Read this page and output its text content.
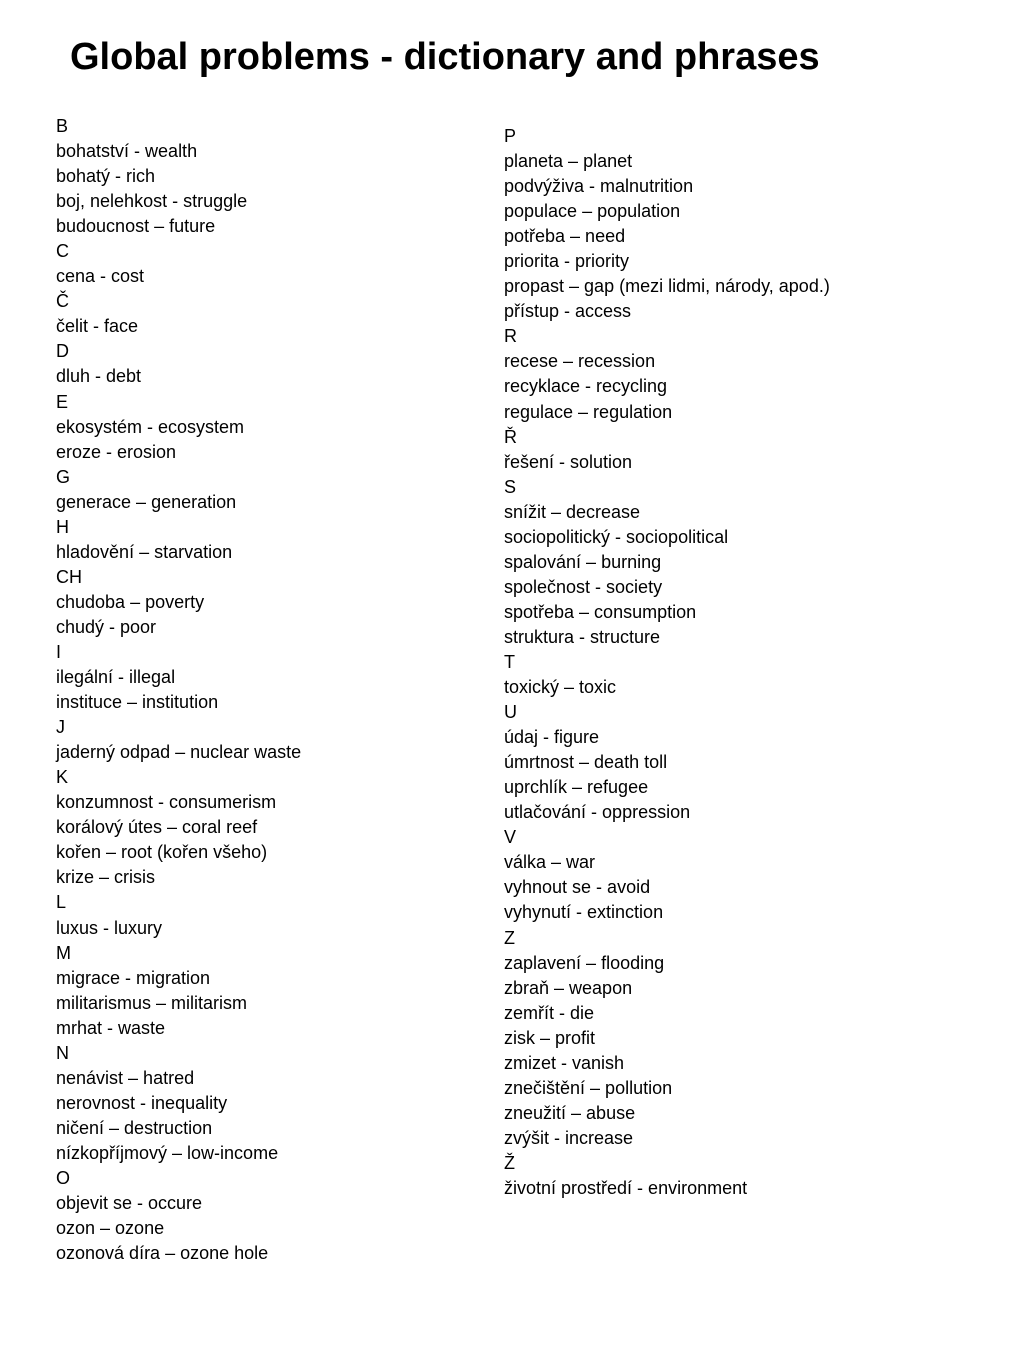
Global problems - dictionary and phrases
B
bohatství - wealth
bohatý - rich
boj, nelehkost - struggle
budoucnost – future
C
cena - cost
Č
čelit - face
D
dluh - debt
E
ekosystém - ecosystem
eroze - erosion
G
generace – generation
H
hladovění – starvation
CH
chudoba – poverty
chudý - poor
I
ilegální - illegal
instituce – institution
J
jaderný odpad – nuclear waste
K
konzumnost - consumerism
korálový útes – coral reef
kořen – root (kořen všeho)
krize – crisis
L
luxus - luxury
M
migrace - migration
militarismus – militarism
mrhat - waste
N
nenávist – hatred
nerovnost - inequality
ničení – destruction
nízkopříjmový – low-income
O
objevit se - occure
ozon – ozone
ozonová díra – ozone hole
P
planeta – planet
podvýživa - malnutrition
populace – population
potřeba – need
priorita - priority
propast – gap (mezi lidmi, národy, apod.)
přístup - access
R
recese – recession
recyklace - recycling
regulace – regulation
Ř
řešení - solution
S
snížit – decrease
sociopolitický - sociopolitical
spalování – burning
společnost - society
spotřeba – consumption
struktura - structure
T
toxický – toxic
U
údaj - figure
úmrtnost – death toll
uprchlík – refugee
utlačování - oppression
V
válka – war
vyhnout se - avoid
vyhynutí - extinction
Z
zaplavení – flooding
zbraň – weapon
zemřít - die
zisk – profit
zmizet - vanish
znečištění – pollution
zneužití – abuse
zvýšit - increase
Ž
životní prostředí - environment
